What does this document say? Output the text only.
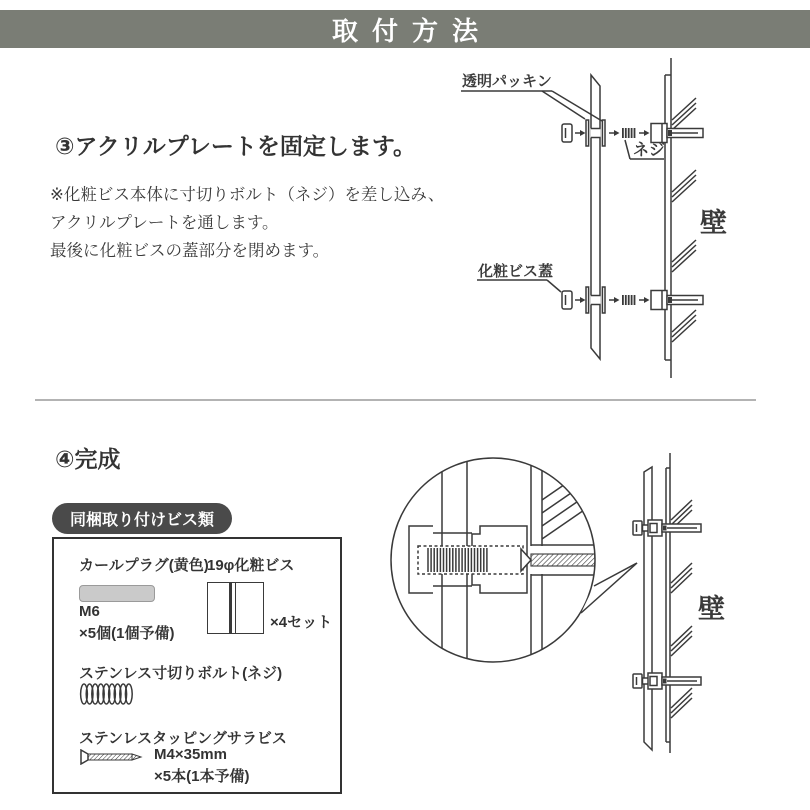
取付方法
③アクリルプレートを固定します。
※化粧ビス本体に寸切りボルト（ネジ）を差し込み、
アクリルプレートを通します。
最後に化粧ビスの蓋部分を閉めます。
透明パッキン
ネジ
化粧ビス蓋
壁
④完成
同梱取り付けビス類
カールプラグ(黄色)
M6
×5個(1個予備)
19φ化粧ビス
×4セット
ステンレス寸切りボルト(ネジ)
ステンレスタッピングサラビス
M4×35mm
×5本(1本予備)
壁
